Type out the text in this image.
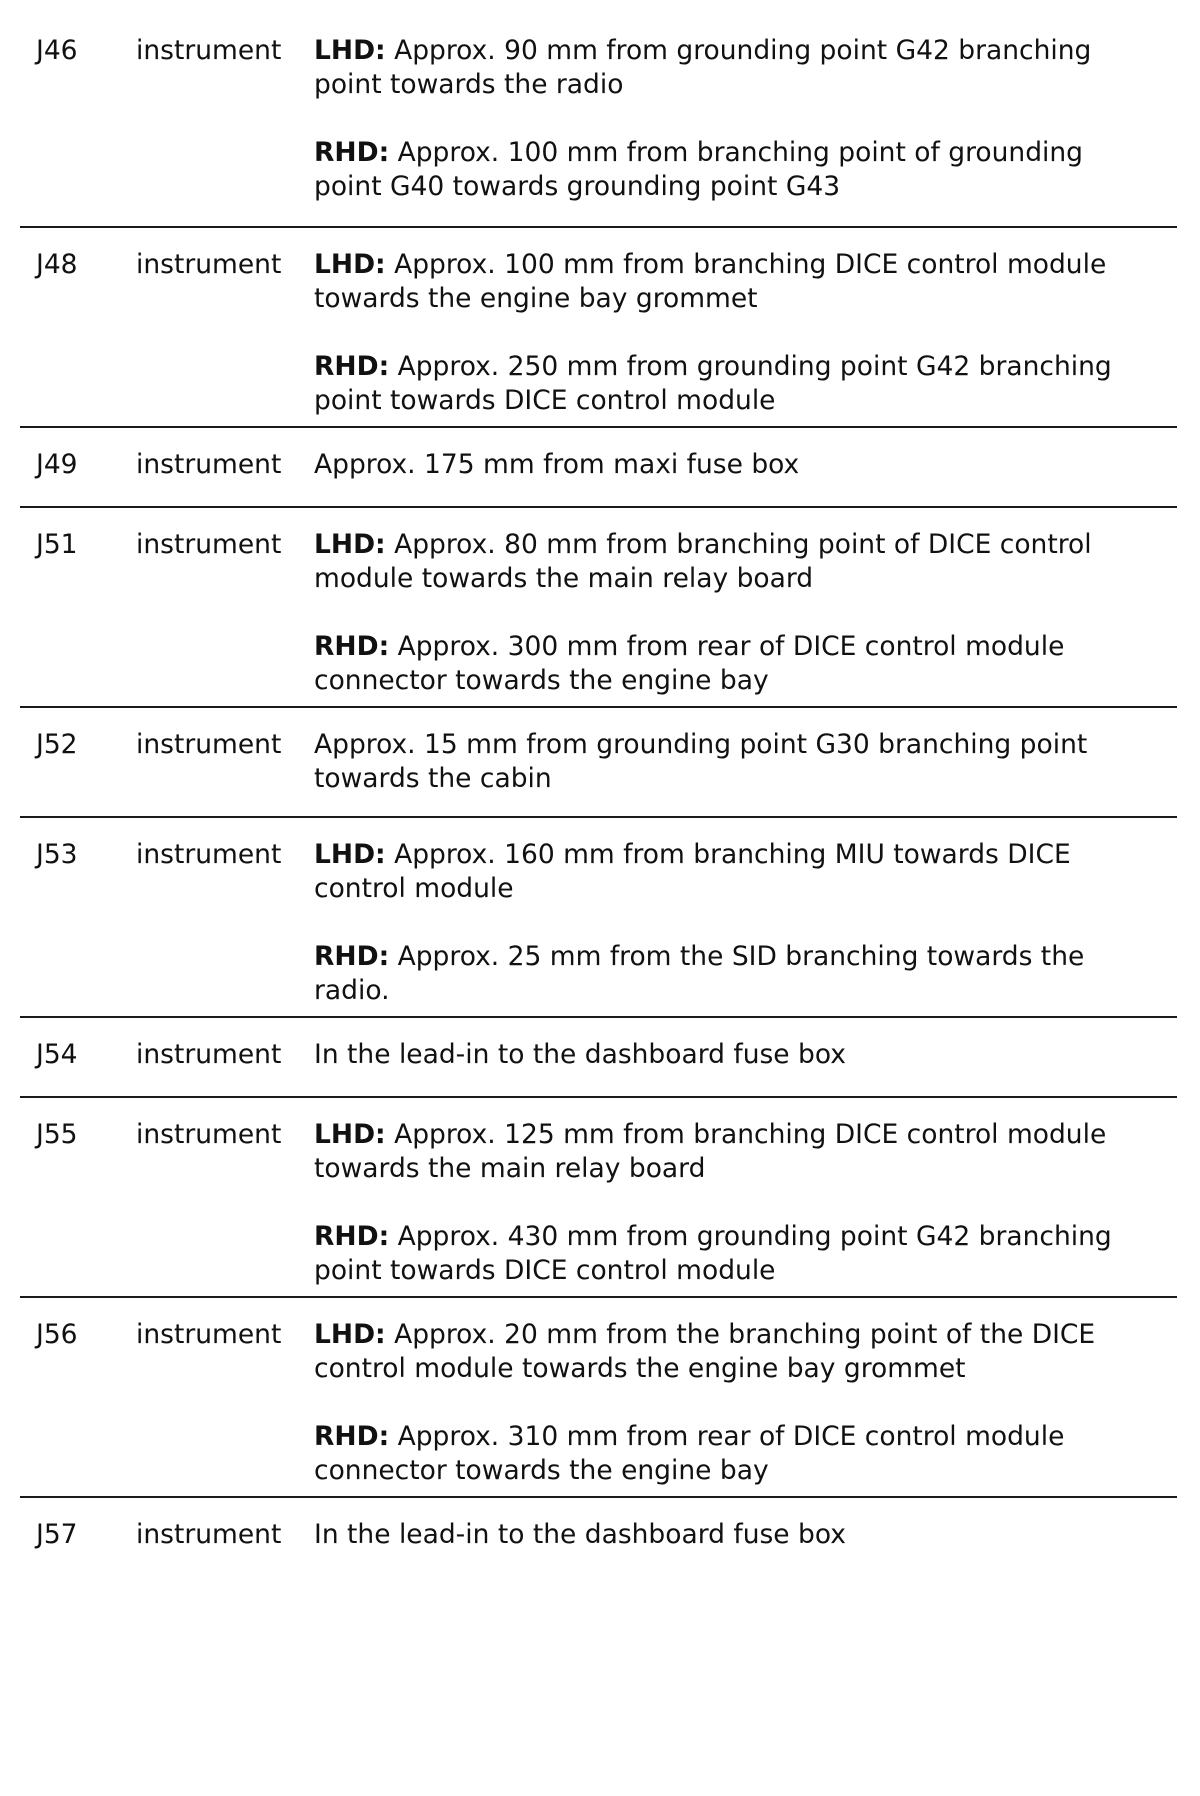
J46	instrument	LHD: Approx. 90 mm from grounding point G42 branching point towards the radio

RHD: Approx. 100 mm from branching point of grounding point G40 towards grounding point G43

J48	instrument	LHD: Approx. 100 mm from branching DICE control module towards the engine bay grommet

RHD: Approx. 250 mm from grounding point G42 branching point towards DICE control module

J49	instrument	Approx. 175 mm from maxi fuse box

J51	instrument	LHD: Approx. 80 mm from branching point of DICE control module towards the main relay board

RHD: Approx. 300 mm from rear of DICE control module connector towards the engine bay

J52	instrument	Approx. 15 mm from grounding point G30 branching point towards the cabin

J53	instrument	LHD: Approx. 160 mm from branching MIU towards DICE control module

RHD: Approx. 25 mm from the SID branching towards the radio.

J54	instrument	In the lead-in to the dashboard fuse box

J55	instrument	LHD: Approx. 125 mm from branching DICE control module towards the main relay board

RHD: Approx. 430 mm from grounding point G42 branching point towards DICE control module

J56	instrument	LHD: Approx. 20 mm from the branching point of the DICE control module towards the engine bay grommet

RHD: Approx. 310 mm from rear of DICE control module connector towards the engine bay

J57	instrument	In the lead-in to the dashboard fuse box
